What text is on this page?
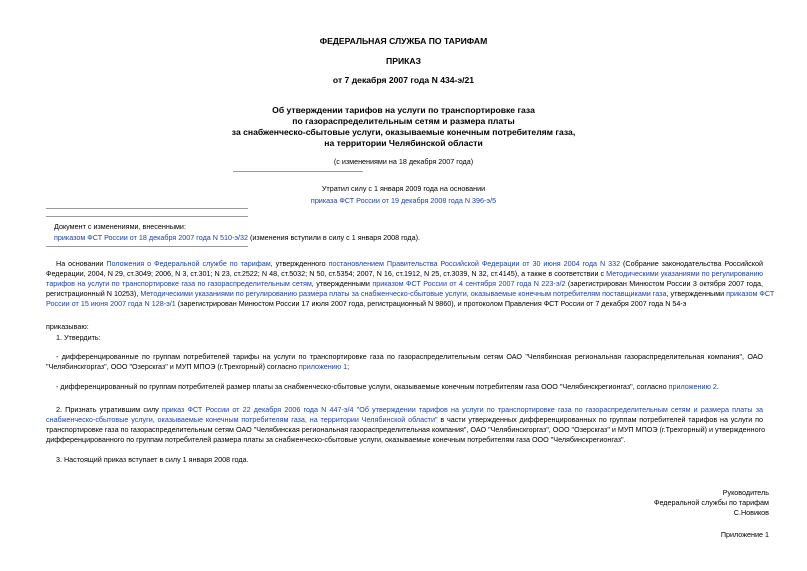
ФЕДЕРАЛЬНАЯ СЛУЖБА ПО ТАРИФАМ
ПРИКАЗ
от 7 декабря 2007 года N 434-э/21
Об утверждении тарифов на услуги по транспортировке газа
по газораспределительным сетям и размера платы
за снабженческо-сбытовые услуги, оказываемые конечным потребителям газа,
на территории Челябинской области
(с изменениями на 18 декабря 2007 года)
Утратил силу с 1 января 2009 года на основании
приказа ФСТ России от 19 декабря 2008 года N 396-э/5
Документ с изменениями, внесенными:
приказом ФСТ России от 18 декабря 2007 года N 510-э/32 (изменения вступили в силу с 1 января 2008 года).
На основании Положения о Федеральной службе по тарифам, утвержденного постановлением Правительства Российской Федерации от 30 июня 2004 года N 332 (Собрание законодательства Российской
Федерации, 2004, N 29, ст.3049; 2006, N 3, ст.301; N 23, ст.2522; N 48, ст.5032; N 50, ст.5354; 2007, N 16, ст.1912, N 25, ст.3039, N 32, ст.4145), а также в соответствии с Методическими указаниями по регулированию
тарифов на услуги по транспортировке газа по газораспределительным сетям, утвержденными приказом ФСТ России от 4 сентября 2007 года N 223-э/2 (зарегистрирован Минюстом России 3 октября 2007 года,
регистрационный N 10253), Методическими указаниями по регулированию размера платы за снабженческо-сбытовые услуги, оказываемые конечным потребителям поставщиками газа, утвержденными приказом ФСТ
России от 15 июня 2007 года N 128-э/1 (зарегистрирован Минюстом России 17 июля 2007 года, регистрационный N 9860), и протоколом Правления ФСТ России от 7 декабря 2007 года N 54-э
приказываю:
1. Утвердить:
- дифференцированные по группам потребителей тарифы на услуги по транспортировке газа по газораспределительным сетям ОАО "Челябинская региональная газораспределительная компания", ОАО
"Челябинскгоргаз", ООО "Озерскгаз" и МУП МПОЭ (г.Трехгорный) согласно приложению 1;
- дифференцированный по группам потребителей размер платы за снабженческо-сбытовые услуги, оказываемые конечным потребителям газа ООО "Челябинскрегионгаз", согласно приложению 2.
2. Признать утратившим силу приказ ФСТ России от 22 декабря 2006 года N 447-э/4 "Об утверждении тарифов на услуги по транспортировке газа по газораспределительным сетям и размера платы за
снабженческо-сбытовые услуги, оказываемые конечным потребителям газа, на территории Челябинской области" в части утвержденных дифференцированных по группам потребителей тарифов на услуги по
транспортировке газа по газораспределительным сетям ОАО "Челябинская региональная газораспределительная компания", ОАО "Челябинскгоргаз", ООО "Озерскгаз" и МУП МПОЭ (г.Трехгорный) и утвержденного
дифференцированного по группам потребителей размера платы за снабженческо-сбытовые услуги, оказываемые конечным потребителям газа ООО "Челябинскрегионгаз".
3. Настоящий приказ вступает в силу 1 января 2008 года.
Руководитель
Федеральной службы по тарифам
С.Новиков
Приложение 1
